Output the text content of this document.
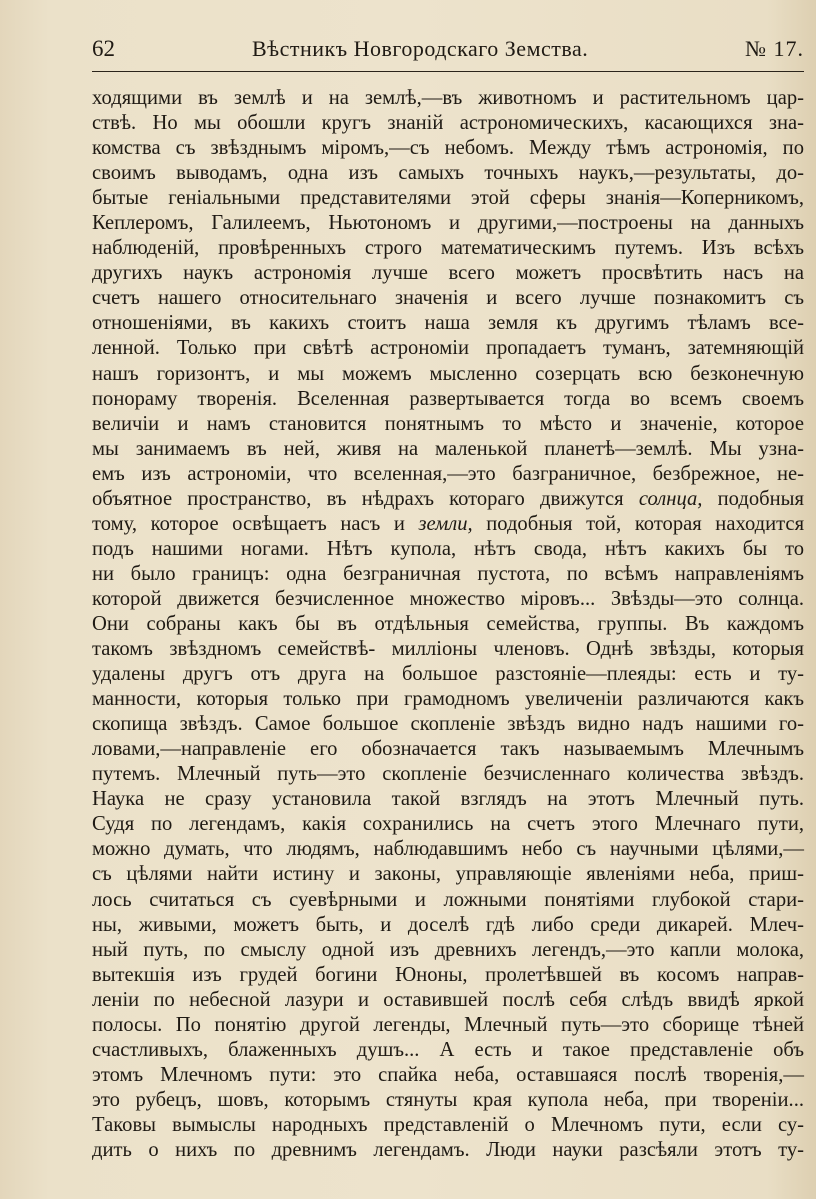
62	Вѣстникъ Новгородскаго Земства.	№ 17.
ходящими въ землѣ и на землѣ,—въ животномъ и растительномъ цар-
ствѣ. Но мы обошли кругъ знаній астрономическихъ, касающихся зна-
комства съ звѣзднымъ міромъ,—съ небомъ. Между тѣмъ астрономія, по
своимъ выводамъ, одна изъ самыхъ точныхъ наукъ,—результаты, до-
бытые геніальными представителями этой сферы знанія—Коперникомъ,
Кеплеромъ, Галилеемъ, Ньютономъ и другими,—построены на данныхъ
наблюденій, провѣренныхъ строго математическимъ путемъ. Изъ всѣхъ
другихъ наукъ астрономія лучше всего можетъ просвѣтить насъ на
счетъ нашего относительнаго значенія и всего лучше познакомитъ съ
отношеніями, въ какихъ стоитъ наша земля къ другимъ тѣламъ все-
ленной. Только при свѣтѣ астрономіи пропадаетъ туманъ, затемняющій
нашъ горизонтъ, и мы можемъ мысленно созерцать всю безконечную
понораму творенія. Вселенная развертывается тогда во всемъ своемъ
величіи и намъ становится понятнымъ то мѣсто и значеніе, которое
мы занимаемъ въ ней, живя на маленькой планетѣ—землѣ. Мы узна-
емъ изъ астрономіи, что вселенная,—это базграничное, безбрежное, не-
объятное пространство, въ нѣдрахъ котораго движутся солнца, подобныя
тому, которое освѣщаетъ насъ и земли, подобныя той, которая находится
подъ нашими ногами. Нѣтъ купола, нѣтъ свода, нѣтъ какихъ бы то
ни было границъ: одна безграничная пустота, по всѣмъ направленіямъ
которой движется безчисленное множество міровъ... Звѣзды—это солнца.
Они собраны какъ бы въ отдѣльныя семейства, группы. Въ каждомъ
такомъ звѣздномъ семействѣ- милліоны членовъ. Однѣ звѣзды, которыя
удалены другъ отъ друга на большое разстояніе—плеяды: есть и ту-
манности, которыя только при грамодномъ увеличеніи различаются какъ
скопища звѣздъ. Самое большое скопленіе звѣздъ видно надъ нашими го-
ловами,—направленіе его обозначается такъ называемымъ Млечнымъ
путемъ. Млечный путь—это скопленіе безчисленнаго количества звѣздъ.
Наука не сразу установила такой взглядъ на этотъ Млечный путь.
Судя по легендамъ, какія сохранились на счетъ этого Млечнаго пути,
можно думать, что людямъ, наблюдавшимъ небо съ научными цѣлями,—
съ цѣлями найти истину и законы, управляющіе явленіями неба, приш-
лось считаться съ суевѣрными и ложными понятіями глубокой стари-
ны, живыми, можетъ быть, и доселѣ гдѣ либо среди дикарей. Млеч-
ный путь, по смыслу одной изъ древнихъ легендъ,—это капли молока,
вытекшія изъ грудей богини Юноны, пролетѣвшей въ косомъ направ-
леніи по небесной лазури и оставившей послѣ себя слѣдъ ввидѣ яркой
полосы. По понятію другой легенды, Млечный путь—это сборище тѣней
счастливыхъ, блаженныхъ душъ... А есть и такое представленіе объ
этомъ Млечномъ пути: это спайка неба, оставшаяся послѣ творенія,—
это рубецъ, шовъ, которымъ стянуты края купола неба, при твореніи...
Таковы вымыслы народныхъ представленій о Млечномъ пути, если су-
дить о нихъ по древнимъ легендамъ. Люди науки разсѣяли этотъ ту-
